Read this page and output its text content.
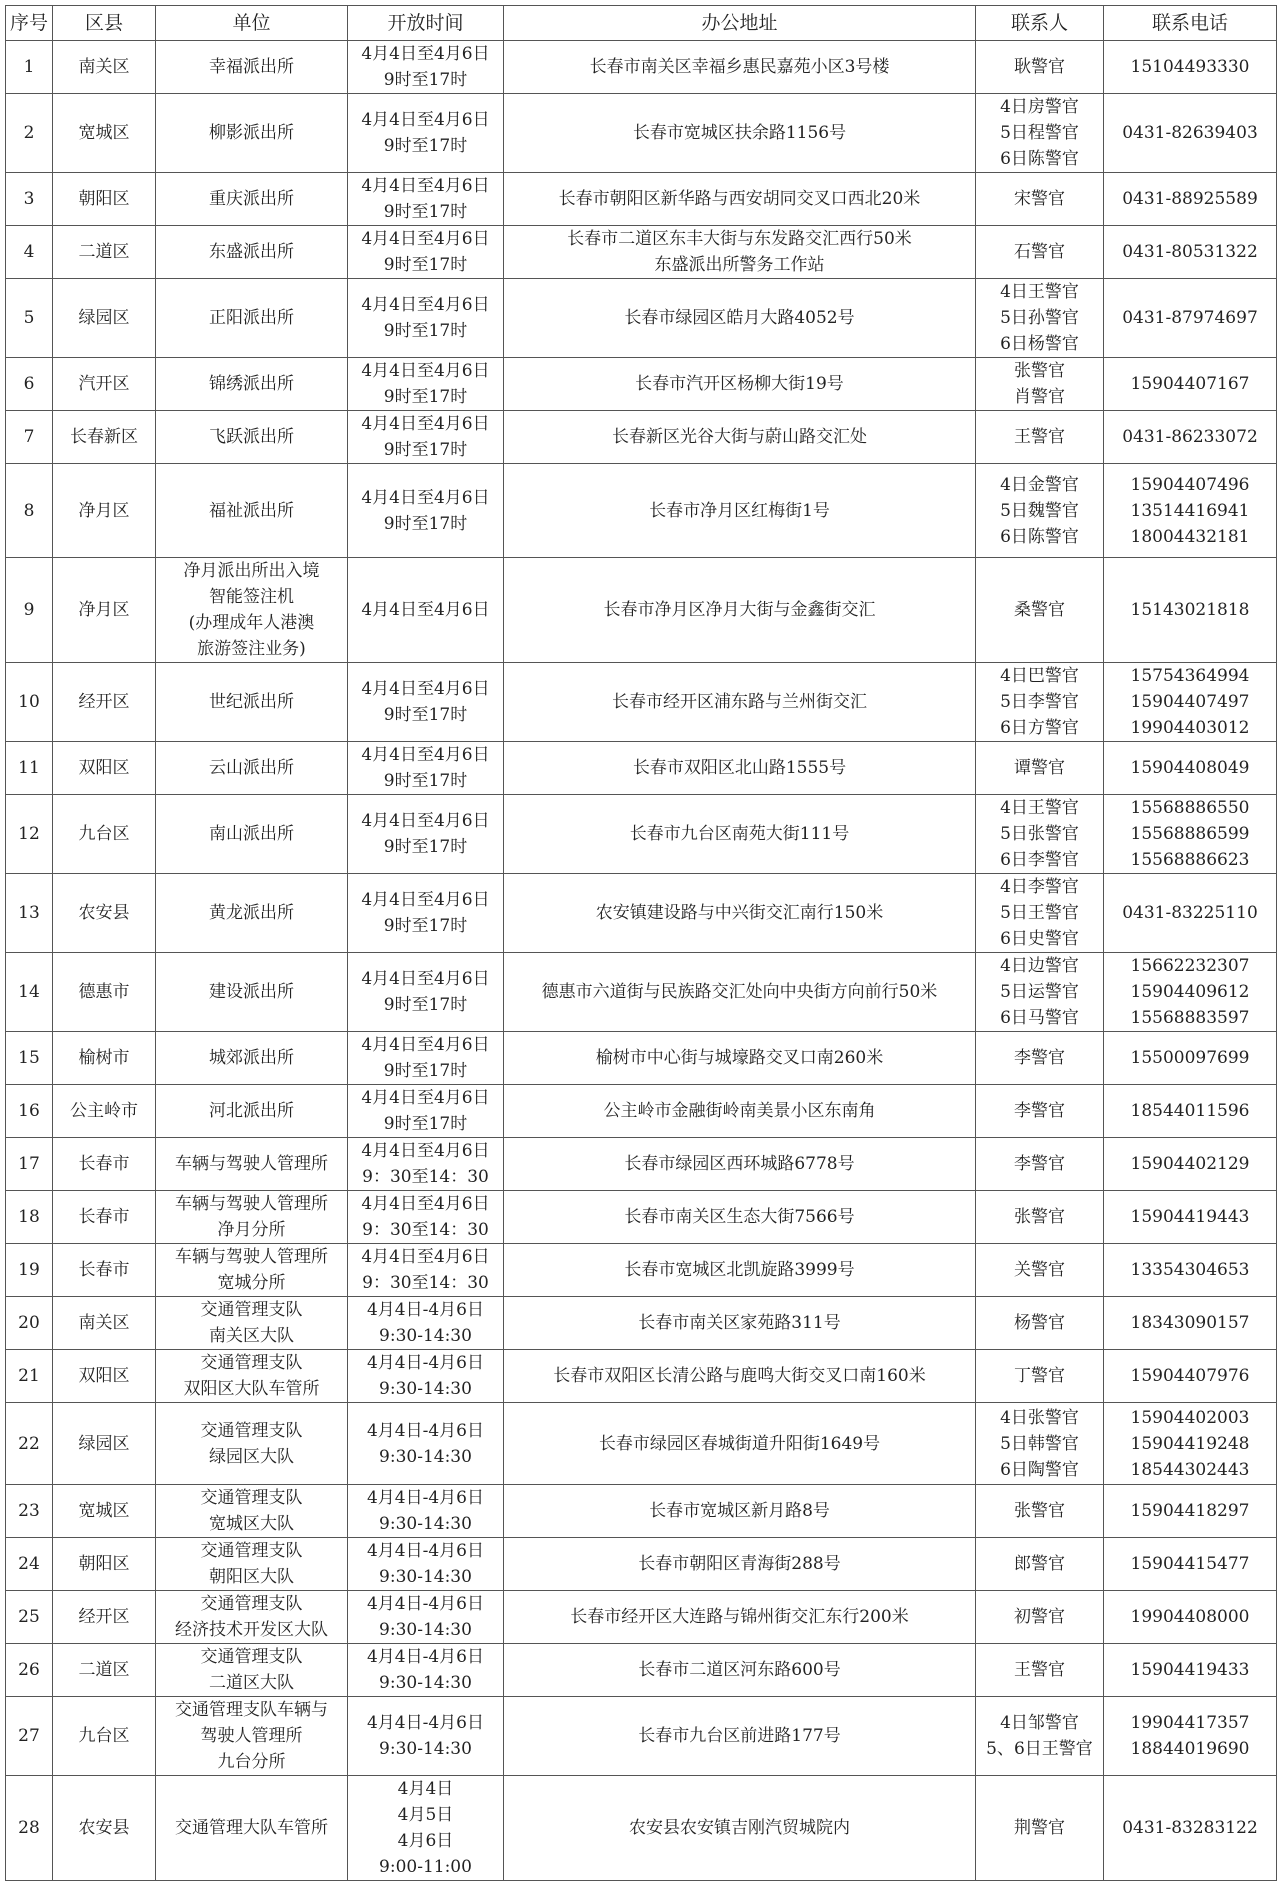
序号	区县	单位	开放时间	办公地址	联系人	联系电话
1	南关区	幸福派出所	4月4日至4月6日
9时至17时	长春市南关区幸福乡惠民嘉苑小区3号楼	耿警官	15104493330

2	宽城区	柳影派出所	4月4日至4月6日
9时至17时	长春市宽城区扶余路1156号	4日房警官
5日程警官
6日陈警官	0431-82639403

3	朝阳区	重庆派出所	4月4日至4月6日
9时至17时	长春市朝阳区新华路与西安胡同交叉口西北20米	宋警官	0431-88925589

4	二道区	东盛派出所	4月4日至4月6日
9时至17时	长春市二道区东丰大街与东发路交汇西行50米
东盛派出所警务工作站	石警官	0431-80531322

5	绿园区	正阳派出所	4月4日至4月6日
9时至17时	长春市绿园区皓月大路4052号	4日王警官
5日孙警官
6日杨警官	0431-87974697

6	汽开区	锦绣派出所	4月4日至4月6日
9时至17时	长春市汽开区杨柳大街19号	张警官
肖警官	15904407167

7	长春新区	飞跃派出所	4月4日至4月6日
9时至17时	长春新区光谷大街与蔚山路交汇处	王警官	0431-86233072

8	净月区	福祉派出所	4月4日至4月6日
9时至17时	长春市净月区红梅街1号	4日金警官
5日魏警官
6日陈警官	15904407496
13514416941
18004432181

9	净月区	净月派出所出入境
智能签注机
(办理成年人港澳
旅游签注业务)	4月4日至4月6日	长春市净月区净月大街与金鑫街交汇	桑警官	15143021818

10	经开区	世纪派出所	4月4日至4月6日
9时至17时	长春市经开区浦东路与兰州街交汇	4日巴警官
5日李警官
6日方警官	15754364994
15904407497
19904403012

11	双阳区	云山派出所	4月4日至4月6日
9时至17时	长春市双阳区北山路1555号	谭警官	15904408049

12	九台区	南山派出所	4月4日至4月6日
9时至17时	长春市九台区南苑大街111号	4日王警官
5日张警官
6日李警官	15568886550
15568886599
15568886623

13	农安县	黄龙派出所	4月4日至4月6日
9时至17时	农安镇建设路与中兴街交汇南行150米	4日李警官
5日王警官
6日史警官	0431-83225110

14	德惠市	建设派出所	4月4日至4月6日
9时至17时	德惠市六道街与民族路交汇处向中央街方向前行50米	4日边警官
5日运警官
6日马警官	15662232307
15904409612
15568883597

15	榆树市	城郊派出所	4月4日至4月6日
9时至17时	榆树市中心街与城壕路交叉口南260米	李警官	15500097699

16	公主岭市	河北派出所	4月4日至4月6日
9时至17时	公主岭市金融街岭南美景小区东南角	李警官	18544011596

17	长春市	车辆与驾驶人管理所	4月4日至4月6日
9：30至14：30	长春市绿园区西环城路6778号	李警官	15904402129

18	长春市	车辆与驾驶人管理所
净月分所	4月4日至4月6日
9：30至14：30	长春市南关区生态大街7566号	张警官	15904419443

19	长春市	车辆与驾驶人管理所
宽城分所	4月4日至4月6日
9：30至14：30	长春市宽城区北凯旋路3999号	关警官	13354304653

20	南关区	交通管理支队
南关区大队	4月4日-4月6日
9:30-14:30	长春市南关区家苑路311号	杨警官	18343090157

21	双阳区	交通管理支队
双阳区大队车管所	4月4日-4月6日
9:30-14:30	长春市双阳区长清公路与鹿鸣大街交叉口南160米	丁警官	15904407976

22	绿园区	交通管理支队
绿园区大队	4月4日-4月6日
9:30-14:30	长春市绿园区春城街道升阳街1649号	4日张警官
5日韩警官
6日陶警官	15904402003
15904419248
18544302443

23	宽城区	交通管理支队
宽城区大队	4月4日-4月6日
9:30-14:30	长春市宽城区新月路8号	张警官	15904418297

24	朝阳区	交通管理支队
朝阳区大队	4月4日-4月6日
9:30-14:30	长春市朝阳区青海街288号	郎警官	15904415477

25	经开区	交通管理支队
经济技术开发区大队	4月4日-4月6日
9:30-14:30	长春市经开区大连路与锦州街交汇东行200米	初警官	19904408000

26	二道区	交通管理支队
二道区大队	4月4日-4月6日
9:30-14:30	长春市二道区河东路600号	王警官	15904419433

27	九台区	交通管理支队车辆与
驾驶人管理所
九台分所	4月4日-4月6日
9:30-14:30	长春市九台区前进路177号	4日邹警官
5、6日王警官	19904417357
18844019690

28	农安县	交通管理大队车管所	4月4日
4月5日
4月6日
9:00-11:00	农安县农安镇吉刚汽贸城院内	荆警官	0431-83283122
